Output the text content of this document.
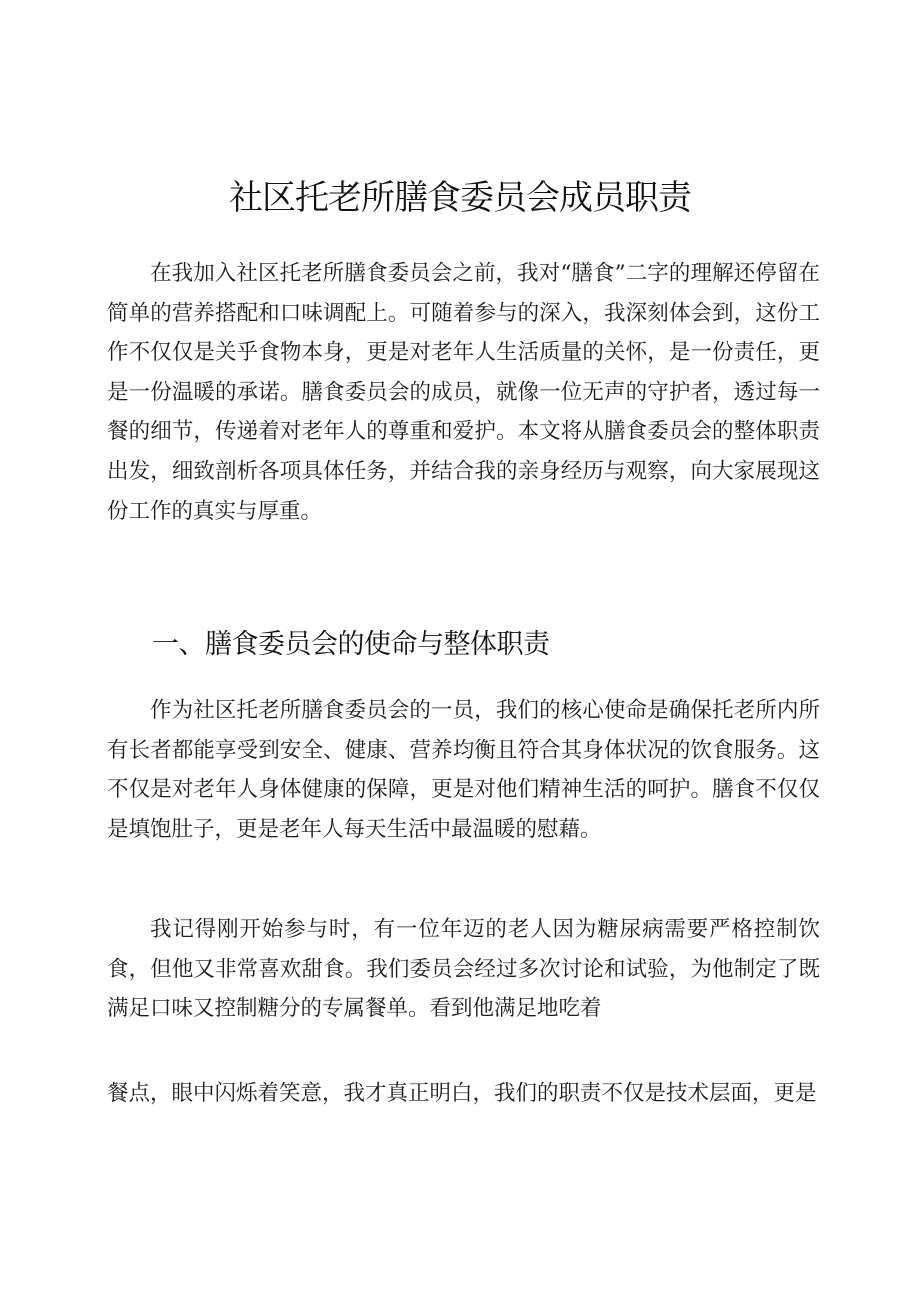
社区托老所膳食委员会成员职责

在我加入社区托老所膳食委员会之前，我对“膳食”二字的理解还停留在简单的营养搭配和口味调配上。可随着参与的深入，我深刻体会到，这份工作不仅仅是关乎食物本身，更是对老年人生活质量的关怀，是一份责任，更是一份温暖的承诺。膳食委员会的成员，就像一位无声的守护者，透过每一餐的细节，传递着对老年人的尊重和爱护。本文将从膳食委员会的整体职责出发，细致剖析各项具体任务，并结合我的亲身经历与观察，向大家展现这份工作的真实与厚重。

一、膳食委员会的使命与整体职责

作为社区托老所膳食委员会的一员，我们的核心使命是确保托老所内所有长者都能享受到安全、健康、营养均衡且符合其身体状况的饮食服务。这不仅是对老年人身体健康的保障，更是对他们精神生活的呵护。膳食不仅仅是填饱肚子，更是老年人每天生活中最温暖的慰藉。

我记得刚开始参与时，有一位年迈的老人因为糖尿病需要严格控制饮食，但他又非常喜欢甜食。我们委员会经过多次讨论和试验，为他制定了既满足口味又控制糖分的专属餐单。看到他满足地吃着

餐点，眼中闪烁着笑意，我才真正明白，我们的职责不仅是技术层面，更是
